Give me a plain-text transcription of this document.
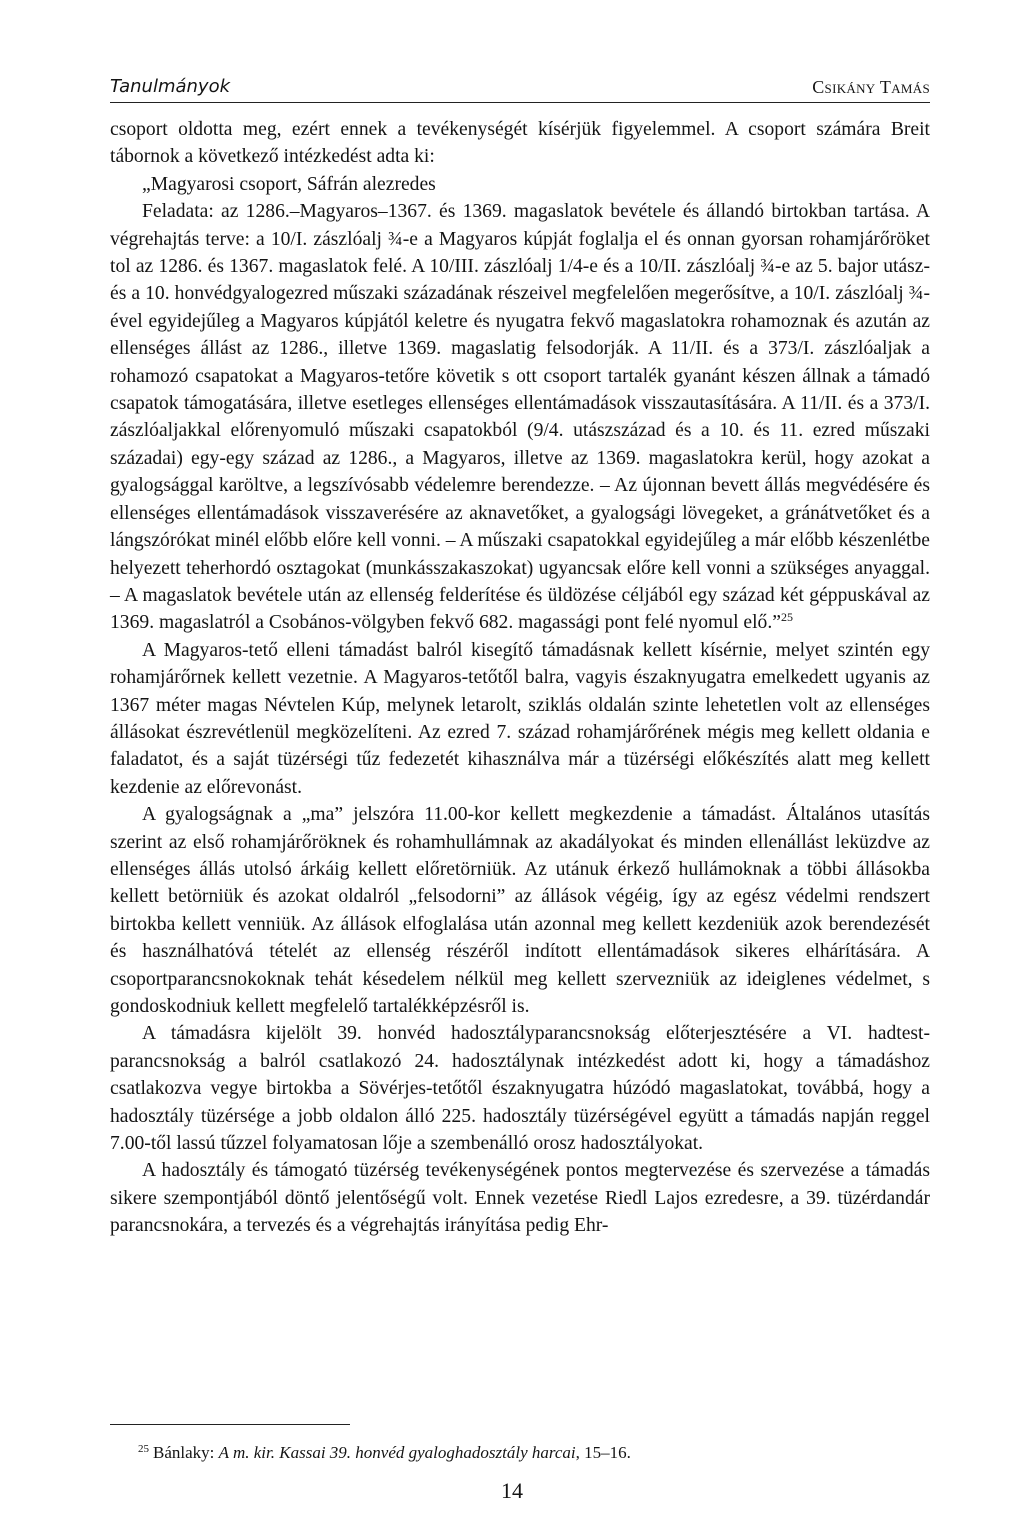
Tanulmányok	Csikány Tamás

csoport oldotta meg, ezért ennek a tevékenységét kísérjük figyelemmel. A csoport számára Breit tábornok a következő intézkedést adta ki:

„Magyarosi csoport, Sáfrán alezredes

Feladata: az 1286.–Magyaros–1367. és 1369. magaslatok bevétele és állandó birtokban tartása. A végrehajtás terve: a 10/I. zászlóalj ¾-e a Magyaros kúpját foglalja el és onnan gyorsan rohamjárőröket tol az 1286. és 1367. magaslatok felé. A 10/III. zászlóalj 1/4-e és a 10/II. zászlóalj ¾-e az 5. bajor utász- és a 10. honvédgyalogezred műszaki századának részeivel megfelelően megerősítve, a 10/I. zászlóalj ¾-ével egyidejűleg a Magyaros kúpjától keletre és nyugatra fekvő magaslatokra rohamoznak és azután az ellenséges állást az 1286., illetve 1369. magaslatig felsodorják. A 11/II. és a 373/I. zászlóaljak a rohamozó csapatokat a Magyaros-tetőre követik s ott csoport tartalék gyanánt készen állnak a támadó csapatok támogatására, illetve esetleges ellenséges ellentámadások visszautasítására. A 11/II. és a 373/I. zászlóaljakkal előrenyomuló műszaki csapatokból (9/4. utászszázad és a 10. és 11. ezred műszaki századai) egy-egy század az 1286., a Magyaros, illetve az 1369. magaslatokra kerül, hogy azokat a gyalogsággal karöltve, a legszívósabb védelemre berendezze. – Az újonnan bevett állás megvédésére és ellenséges ellentámadások visszaverésére az aknavetőket, a gyalogsági lövegeket, a gránátvetőket és a lángszórókat minél előbb előre kell vonni. – A műszaki csapatokkal egyidejűleg a már előbb készenlétbe helyezett teherhordó osztagokat (munkásszakaszokat) ugyancsak előre kell vonni a szükséges anyaggal. – A magaslatok bevétele után az ellenség felderítése és üldözése céljából egy század két géppuskával az 1369. magaslatról a Csobános-völgyben fekvő 682. magassági pont felé nyomul elő.”$^{25}$

A Magyaros-tető elleni támadást balról kisegítő támadásnak kellett kísérnie, melyet szintén egy rohamjárőrnek kellett vezetnie. A Magyaros-tetőtől balra, vagyis északnyugatra emelkedett ugyanis az 1367 méter magas Névtelen Kúp, melynek letarolt, sziklás oldalán szinte lehetetlen volt az ellenséges állásokat észrevétlenül megközelíteni. Az ezred 7. század rohamjárőrének mégis meg kellett oldania e faladatot, és a saját tüzérségi tűz fedezetét kihasználva már a tüzérségi előkészítés alatt meg kellett kezdenie az előrevonást.

A gyalogságnak a „ma” jelszóra 11.00-kor kellett megkezdenie a támadást. Általános utasítás szerint az első rohamjárőröknek és rohamhullámnak az akadályokat és minden ellenállást leküzdve az ellenséges állás utolsó árkáig kellett előretörniük. Az utánuk érkező hullámoknak a többi állásokba kellett betörniük és azokat oldalról „felsodorni” az állások végéig, így az egész védelmi rendszert birtokba kellett venniük. Az állások elfoglalása után azonnal meg kellett kezdeniük azok berendezését és használhatóvá tételét az ellenség részéről indított ellentámadások sikeres elhárítására. A csoportparancsnokoknak tehát késedelem nélkül meg kellett szervezniük az ideiglenes védelmet, s gondoskodniuk kellett megfelelő tartalékképzésről is.

A támadásra kijelölt 39. honvéd hadosztályparancsnokság előterjesztésére a VI. hadtest-parancsnokság a balról csatlakozó 24. hadosztálynak intézkedést adott ki, hogy a támadáshoz csatlakozva vegye birtokba a Sövérjes-tetőtől északnyugatra húzódó magaslatokat, továbbá, hogy a hadosztály tüzérsége a jobb oldalon álló 225. hadosztály tüzérségével együtt a támadás napján reggel 7.00-től lassú tűzzel folyamatosan lője a szembenálló orosz hadosztályokat.

A hadosztály és támogató tüzérség tevékenységének pontos megtervezése és szervezése a támadás sikere szempontjából döntő jelentőségű volt. Ennek vezetése Riedl Lajos ezredesre, a 39. tüzérdandár parancsnokára, a tervezés és a végrehajtás irányítása pedig Ehr-

$^{25}$ Bánlaky: A m. kir. Kassai 39. honvéd gyaloghadosztály harcai, 15–16.
14
